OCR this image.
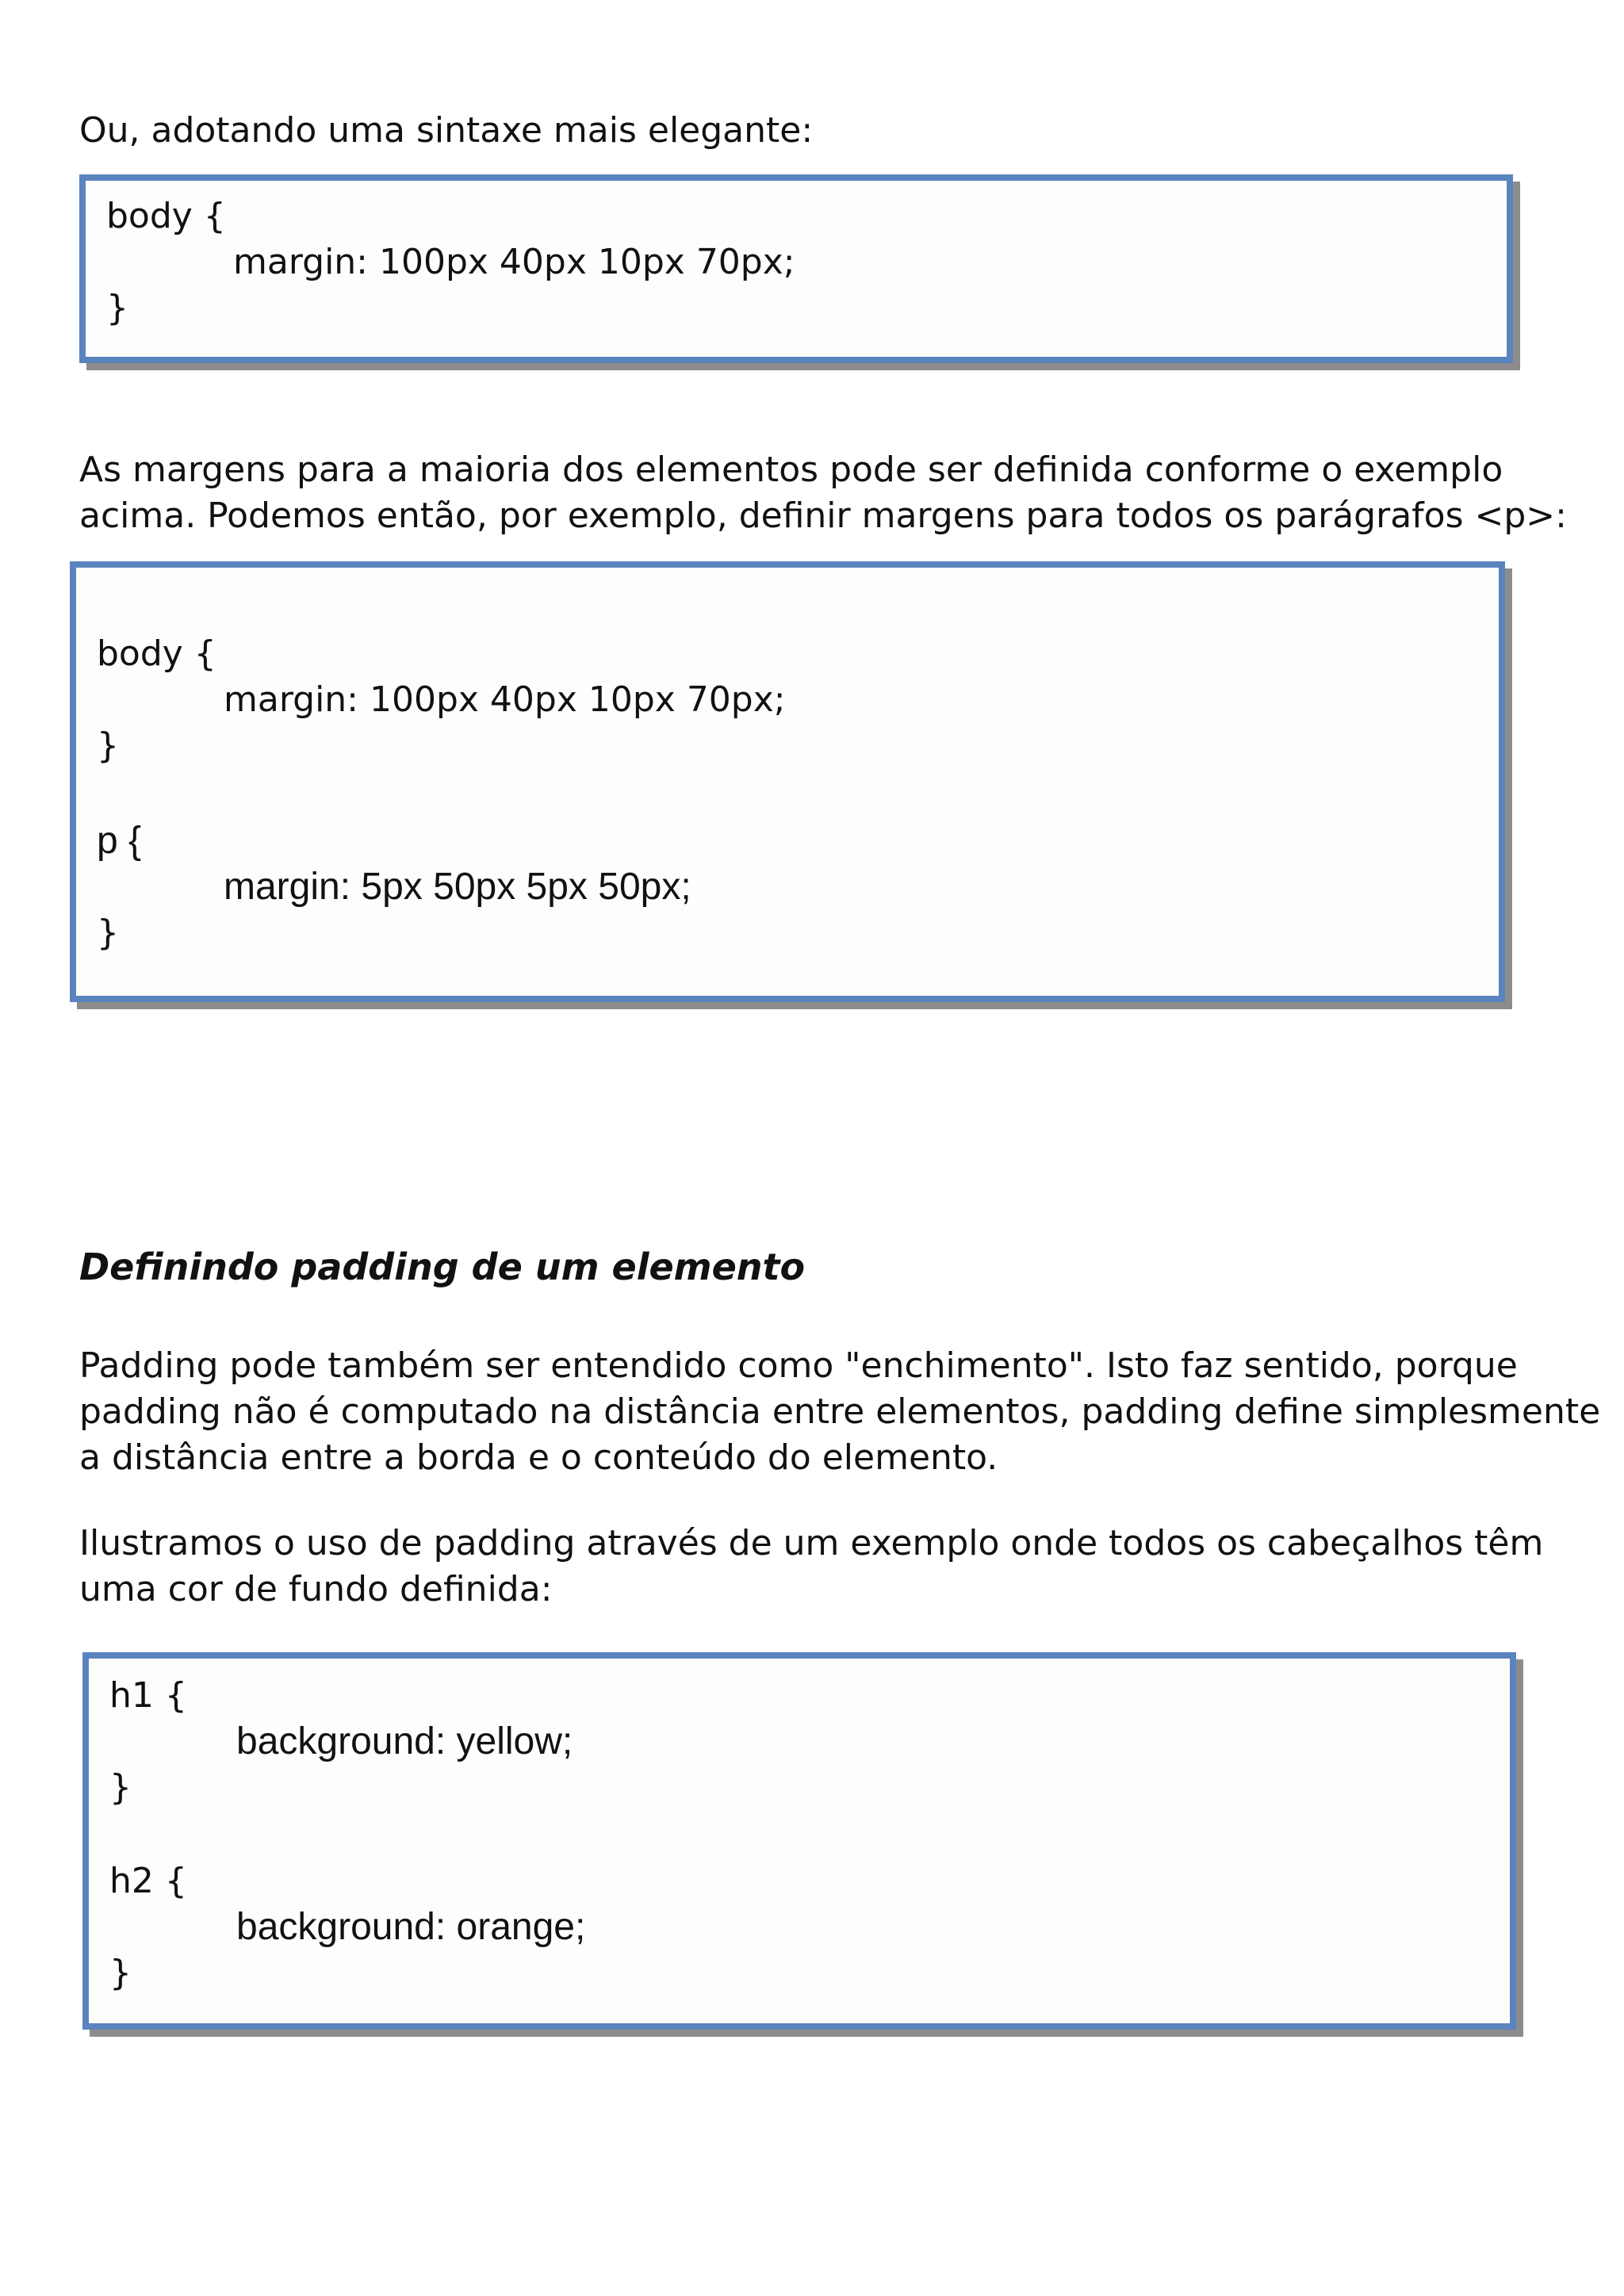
Ou, adotando uma sintaxe mais elegante:

body {

margin: 100px 40px 10px 70px;

}

As margens para a maioria dos elementos pode ser definida conforme o exemplo

acima. Podemos então, por exemplo, definir margens para todos os parágrafos <p>:

body {

margin: 100px 40px 10px 70px;

}

p {

margin: 5px 50px 5px 50px;

}

Definindo padding de um elemento

Padding pode também ser entendido como "enchimento". Isto faz sentido, porque

padding não é computado na distância entre elementos, padding define simplesmente

a distância entre a borda e o conteúdo do elemento.

Ilustramos o uso de padding através de um exemplo onde todos os cabeçalhos têm

uma cor de fundo definida:

h1 {

background: yellow;

}

h2 {

background: orange;

}
